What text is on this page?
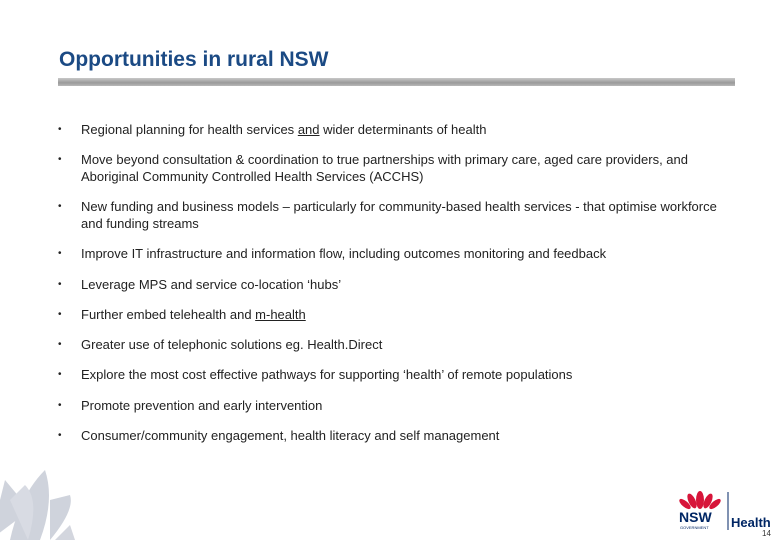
Opportunities in rural NSW
• Regional planning for health services and wider determinants of health
• Move beyond consultation & coordination to true partnerships with primary care, aged care providers, and Aboriginal Community Controlled Health Services (ACCHS)
• New funding and business models – particularly for community-based health services - that optimise workforce and funding streams
• Improve IT infrastructure and information flow, including outcomes monitoring and feedback
• Leverage MPS and service co-location ‘hubs’
• Further embed telehealth and m-health
• Greater use of telephonic solutions eg. Health.Direct
• Explore the most cost effective pathways for supporting ‘health’ of remote populations
• Promote prevention and early intervention
• Consumer/community engagement, health literacy and self management
NSW
GOVERNMENT Health
14
